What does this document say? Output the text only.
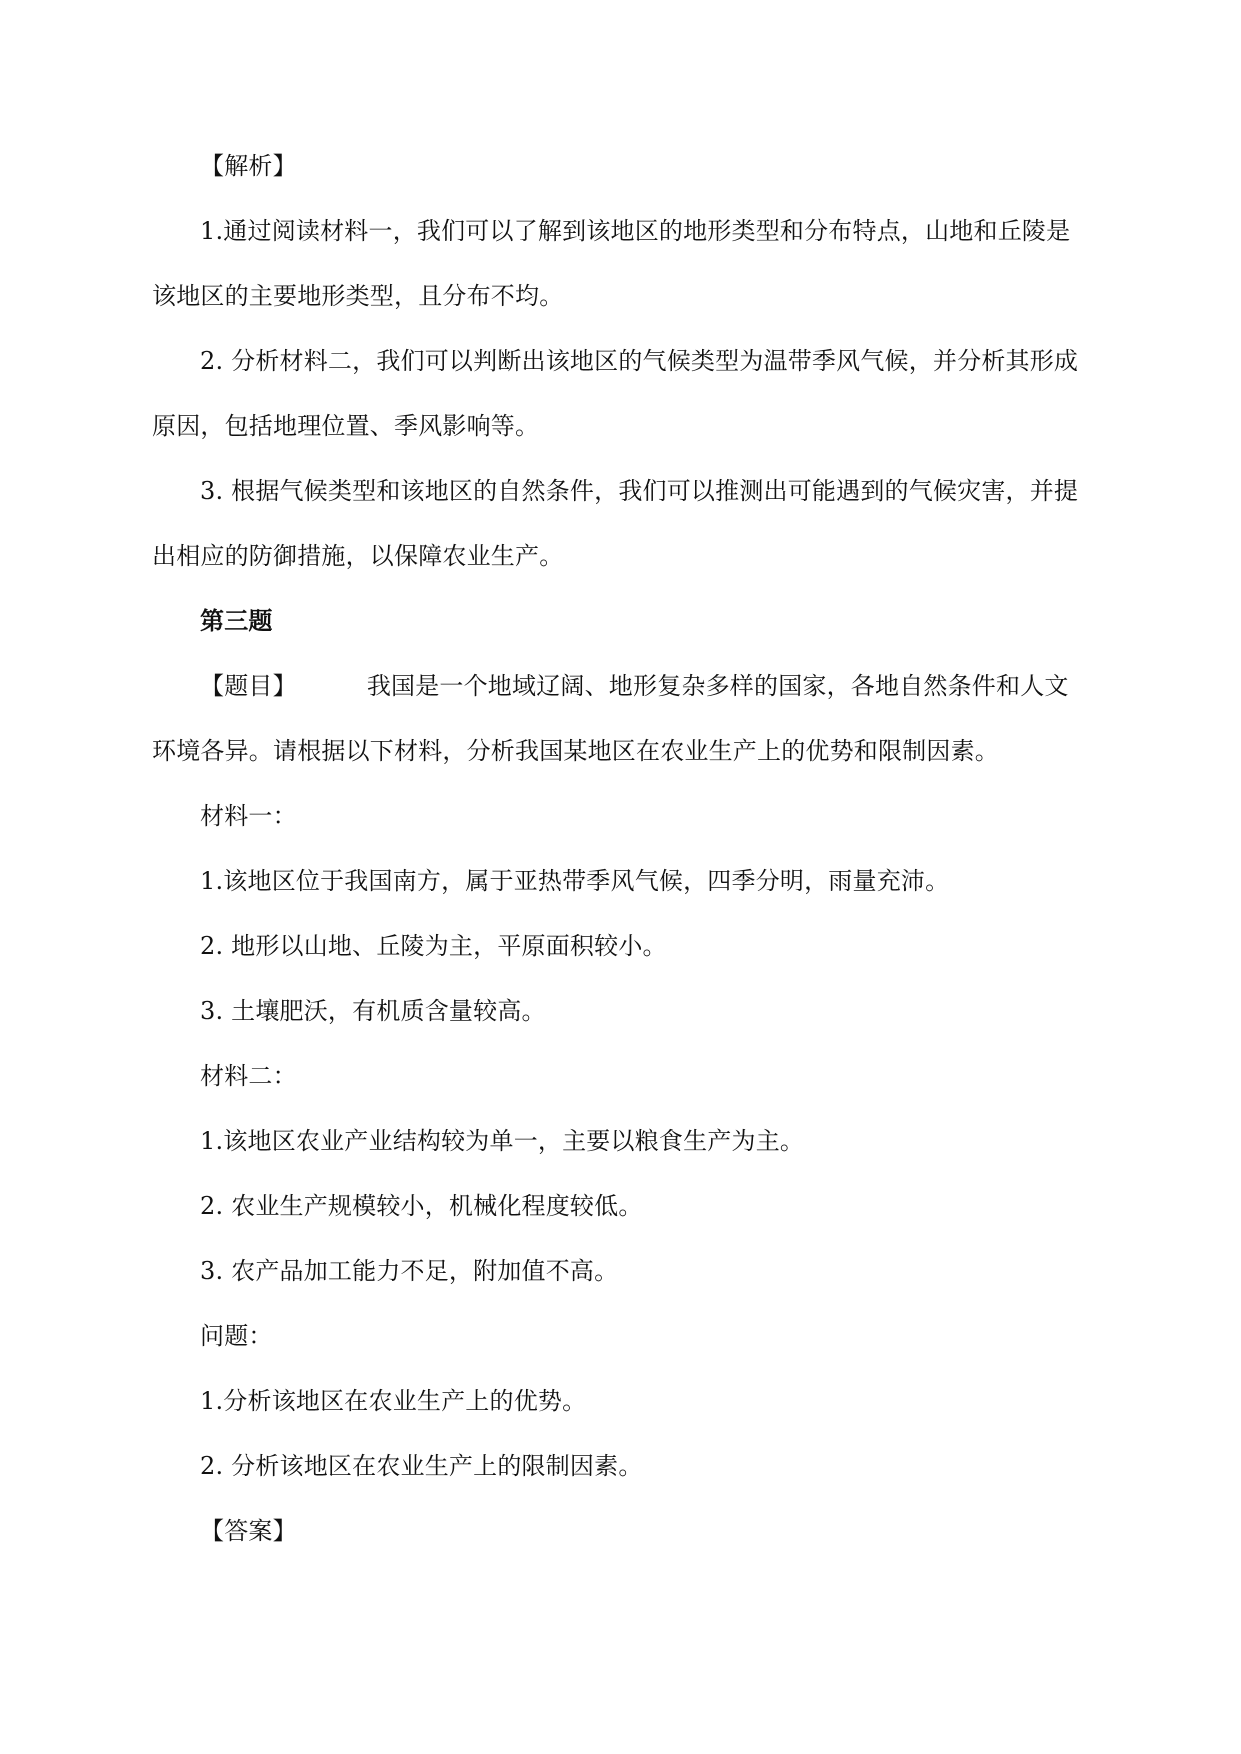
【解析】
1.通过阅读材料一，我们可以了解到该地区的地形类型和分布特点，山地和丘陵是
该地区的主要地形类型，且分布不均。
2. 分析材料二，我们可以判断出该地区的气候类型为温带季风气候，并分析其形成
原因，包括地理位置、季风影响等。
3. 根据气候类型和该地区的自然条件，我们可以推测出可能遇到的气候灾害，并提
出相应的防御措施，以保障农业生产。
第三题
【题目】	我国是一个地域辽阔、地形复杂多样的国家，各地自然条件和人文
环境各异。请根据以下材料，分析我国某地区在农业生产上的优势和限制因素。
材料一：
1.该地区位于我国南方，属于亚热带季风气候，四季分明，雨量充沛。
2. 地形以山地、丘陵为主，平原面积较小。
3. 土壤肥沃，有机质含量较高。
材料二：
1.该地区农业产业结构较为单一，主要以粮食生产为主。
2. 农业生产规模较小，机械化程度较低。
3. 农产品加工能力不足，附加值不高。
问题：
1.分析该地区在农业生产上的优势。
2. 分析该地区在农业生产上的限制因素。
【答案】
